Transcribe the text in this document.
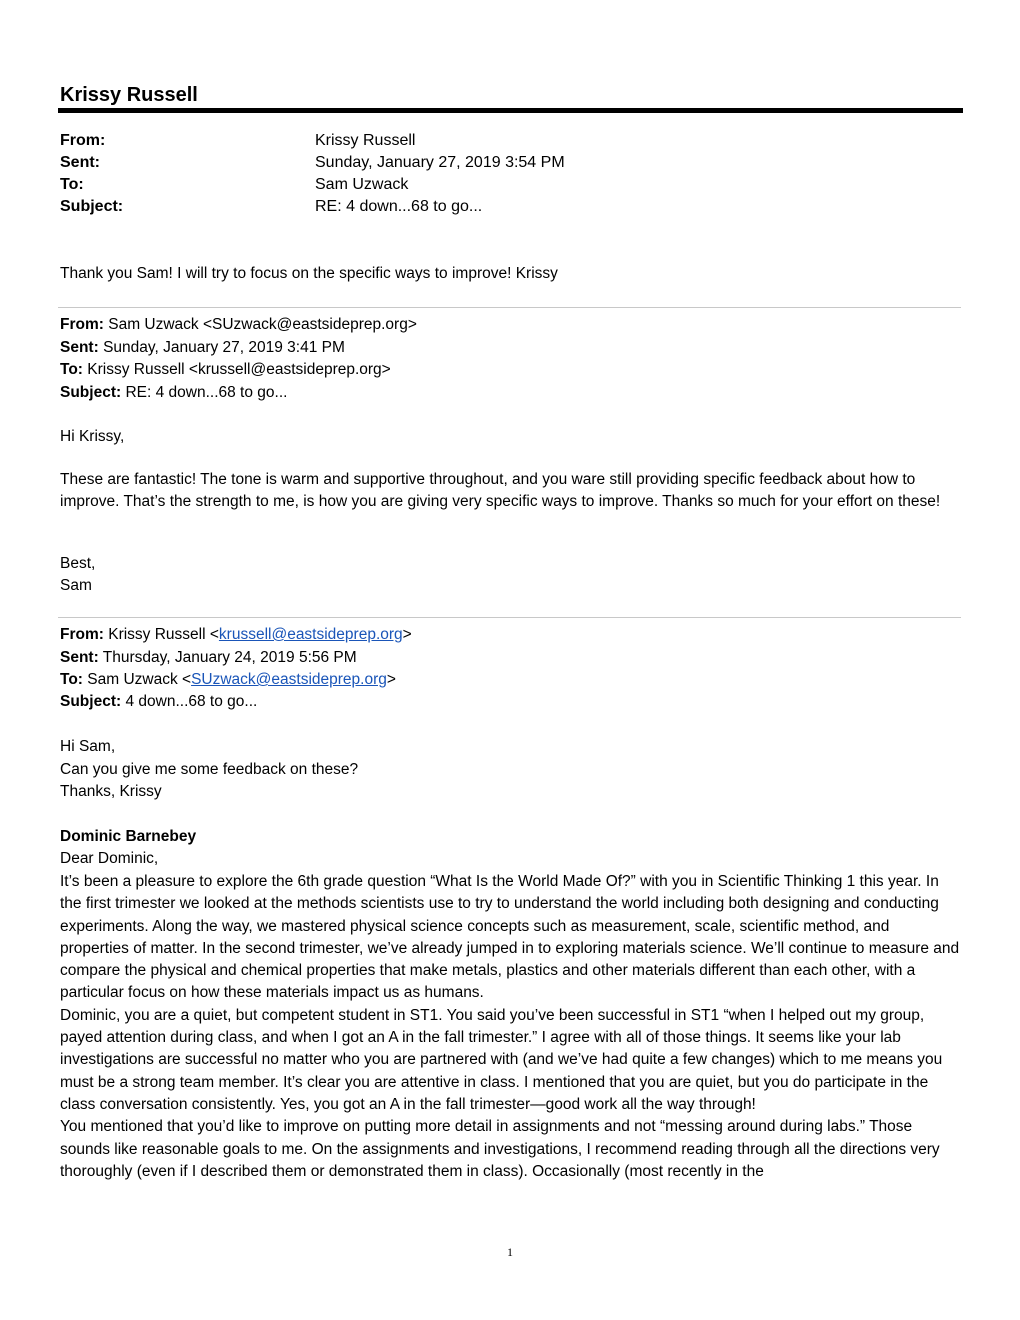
Krissy Russell
From:	Krissy Russell
Sent:	Sunday, January 27, 2019 3:54 PM
To:	Sam Uzwack
Subject:	RE: 4 down...68 to go...
Thank you Sam! I will try to focus on the specific ways to improve! Krissy
From: Sam Uzwack <SUzwack@eastsideprep.org>
Sent: Sunday, January 27, 2019 3:41 PM
To: Krissy Russell <krussell@eastsideprep.org>
Subject: RE: 4 down...68 to go...
Hi Krissy,

These are fantastic! The tone is warm and supportive throughout, and you ware still providing specific feedback about how to improve. That’s the strength to me, is how you are giving very specific ways to improve. Thanks so much for your effort on these!

Best,
Sam
From: Krissy Russell <krussell@eastsideprep.org>
Sent: Thursday, January 24, 2019 5:56 PM
To: Sam Uzwack <SUzwack@eastsideprep.org>
Subject: 4 down...68 to go...
Hi Sam,
Can you give me some feedback on these?
Thanks, Krissy
Dominic Barnebey
Dear Dominic,

It’s been a pleasure to explore the 6th grade question “What Is the World Made Of?” with you in Scientific Thinking 1 this year. In the first trimester we looked at the methods scientists use to try to understand the world including both designing and conducting experiments. Along the way, we mastered physical science concepts such as measurement, scale, scientific method, and properties of matter. In the second trimester, we’ve already jumped in to exploring materials science. We’ll continue to measure and compare the physical and chemical properties that make metals, plastics and other materials different than each other, with a particular focus on how these materials impact us as humans.

Dominic, you are a quiet, but competent student in ST1. You said you’ve been successful in ST1 “when I helped out my group, payed attention during class, and when I got an A in the fall trimester.” I agree with all of those things. It seems like your lab investigations are successful no matter who you are partnered with (and we’ve had quite a few changes) which to me means you must be a strong team member. It’s clear you are attentive in class. I mentioned that you are quiet, but you do participate in the class conversation consistently. Yes, you got an A in the fall trimester—good work all the way through!

You mentioned that you’d like to improve on putting more detail in assignments and not “messing around during labs.” Those sounds like reasonable goals to me. On the assignments and investigations, I recommend reading through all the directions very thoroughly (even if I described them or demonstrated them in class). Occasionally (most recently in the

1
